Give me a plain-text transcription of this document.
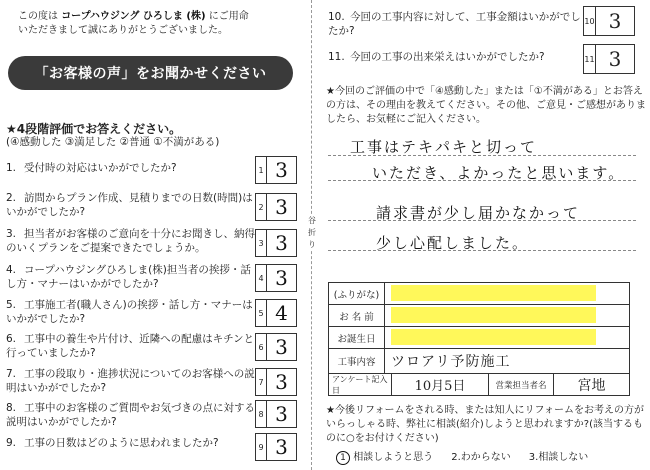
この度は コープハウジング ひろしま (株) にご用命
いただきまして誠にありがとうございました。
「お客様の声」をお聞かせください
★4段階評価でお答えください。
(④感動した ③満足した ②普通 ①不満がある)
1. 受付時の対応はいかがでしたか?	1 3
2. 訪問からプラン作成、見積りまでの日数(時間)はいかがでしたか?	2 3
3. 担当者がお客様のご意向を十分にお聞きし、納得のいくプランをご提案できたでしょうか。	3 3
4. コープハウジングひろしま(株)担当者の挨拶・話し方・マナーはいかがでしたか?	4 3
5. 工事施工者(職人さん)の挨拶・話し方・マナーはいかがでしたか?	5 4
6. 工事中の養生や片付け、近隣への配慮はキチンと行っていましたか?	6 3
7. 工事の段取り・進捗状況についてのお客様への説明はいかがでしたか?	7 3
8. 工事中のお客様のご質問やお気づきの点に対する説明はいかがでしたか?
8 3
9. 工事の日数はどのように思われましたか?	9 3
谷折り
10. 今回の工事内容に対して、工事金額はいかがでしたか?
10 3
11. 今回の工事の出来栄えはいかがでしたか?	11 3
★今回のご評価の中で「④感動した」または「①不満がある」とお答えの方は、その理由を教えてください。その他、ご意見・ご感想がありましたら、お気軽にご記入ください。
工事はテキパキと切って
いただき、よかったと思います。
請求書が少し届かなかって
少し心配しました。
(ふりがな)
お 名 前
お誕生日
工事内容	ツロアリ予防施工
アンケート記入日	10月5日	営業担当者名	宮地
★今後リフォームをされる時、または知人にリフォームをお考えの方がいらっしゃる時、弊社に相談(紹介)しようと思われますか?(該当するものに○をお付けください)
1 相談しようと思う 2.わからない 3.相談しない
